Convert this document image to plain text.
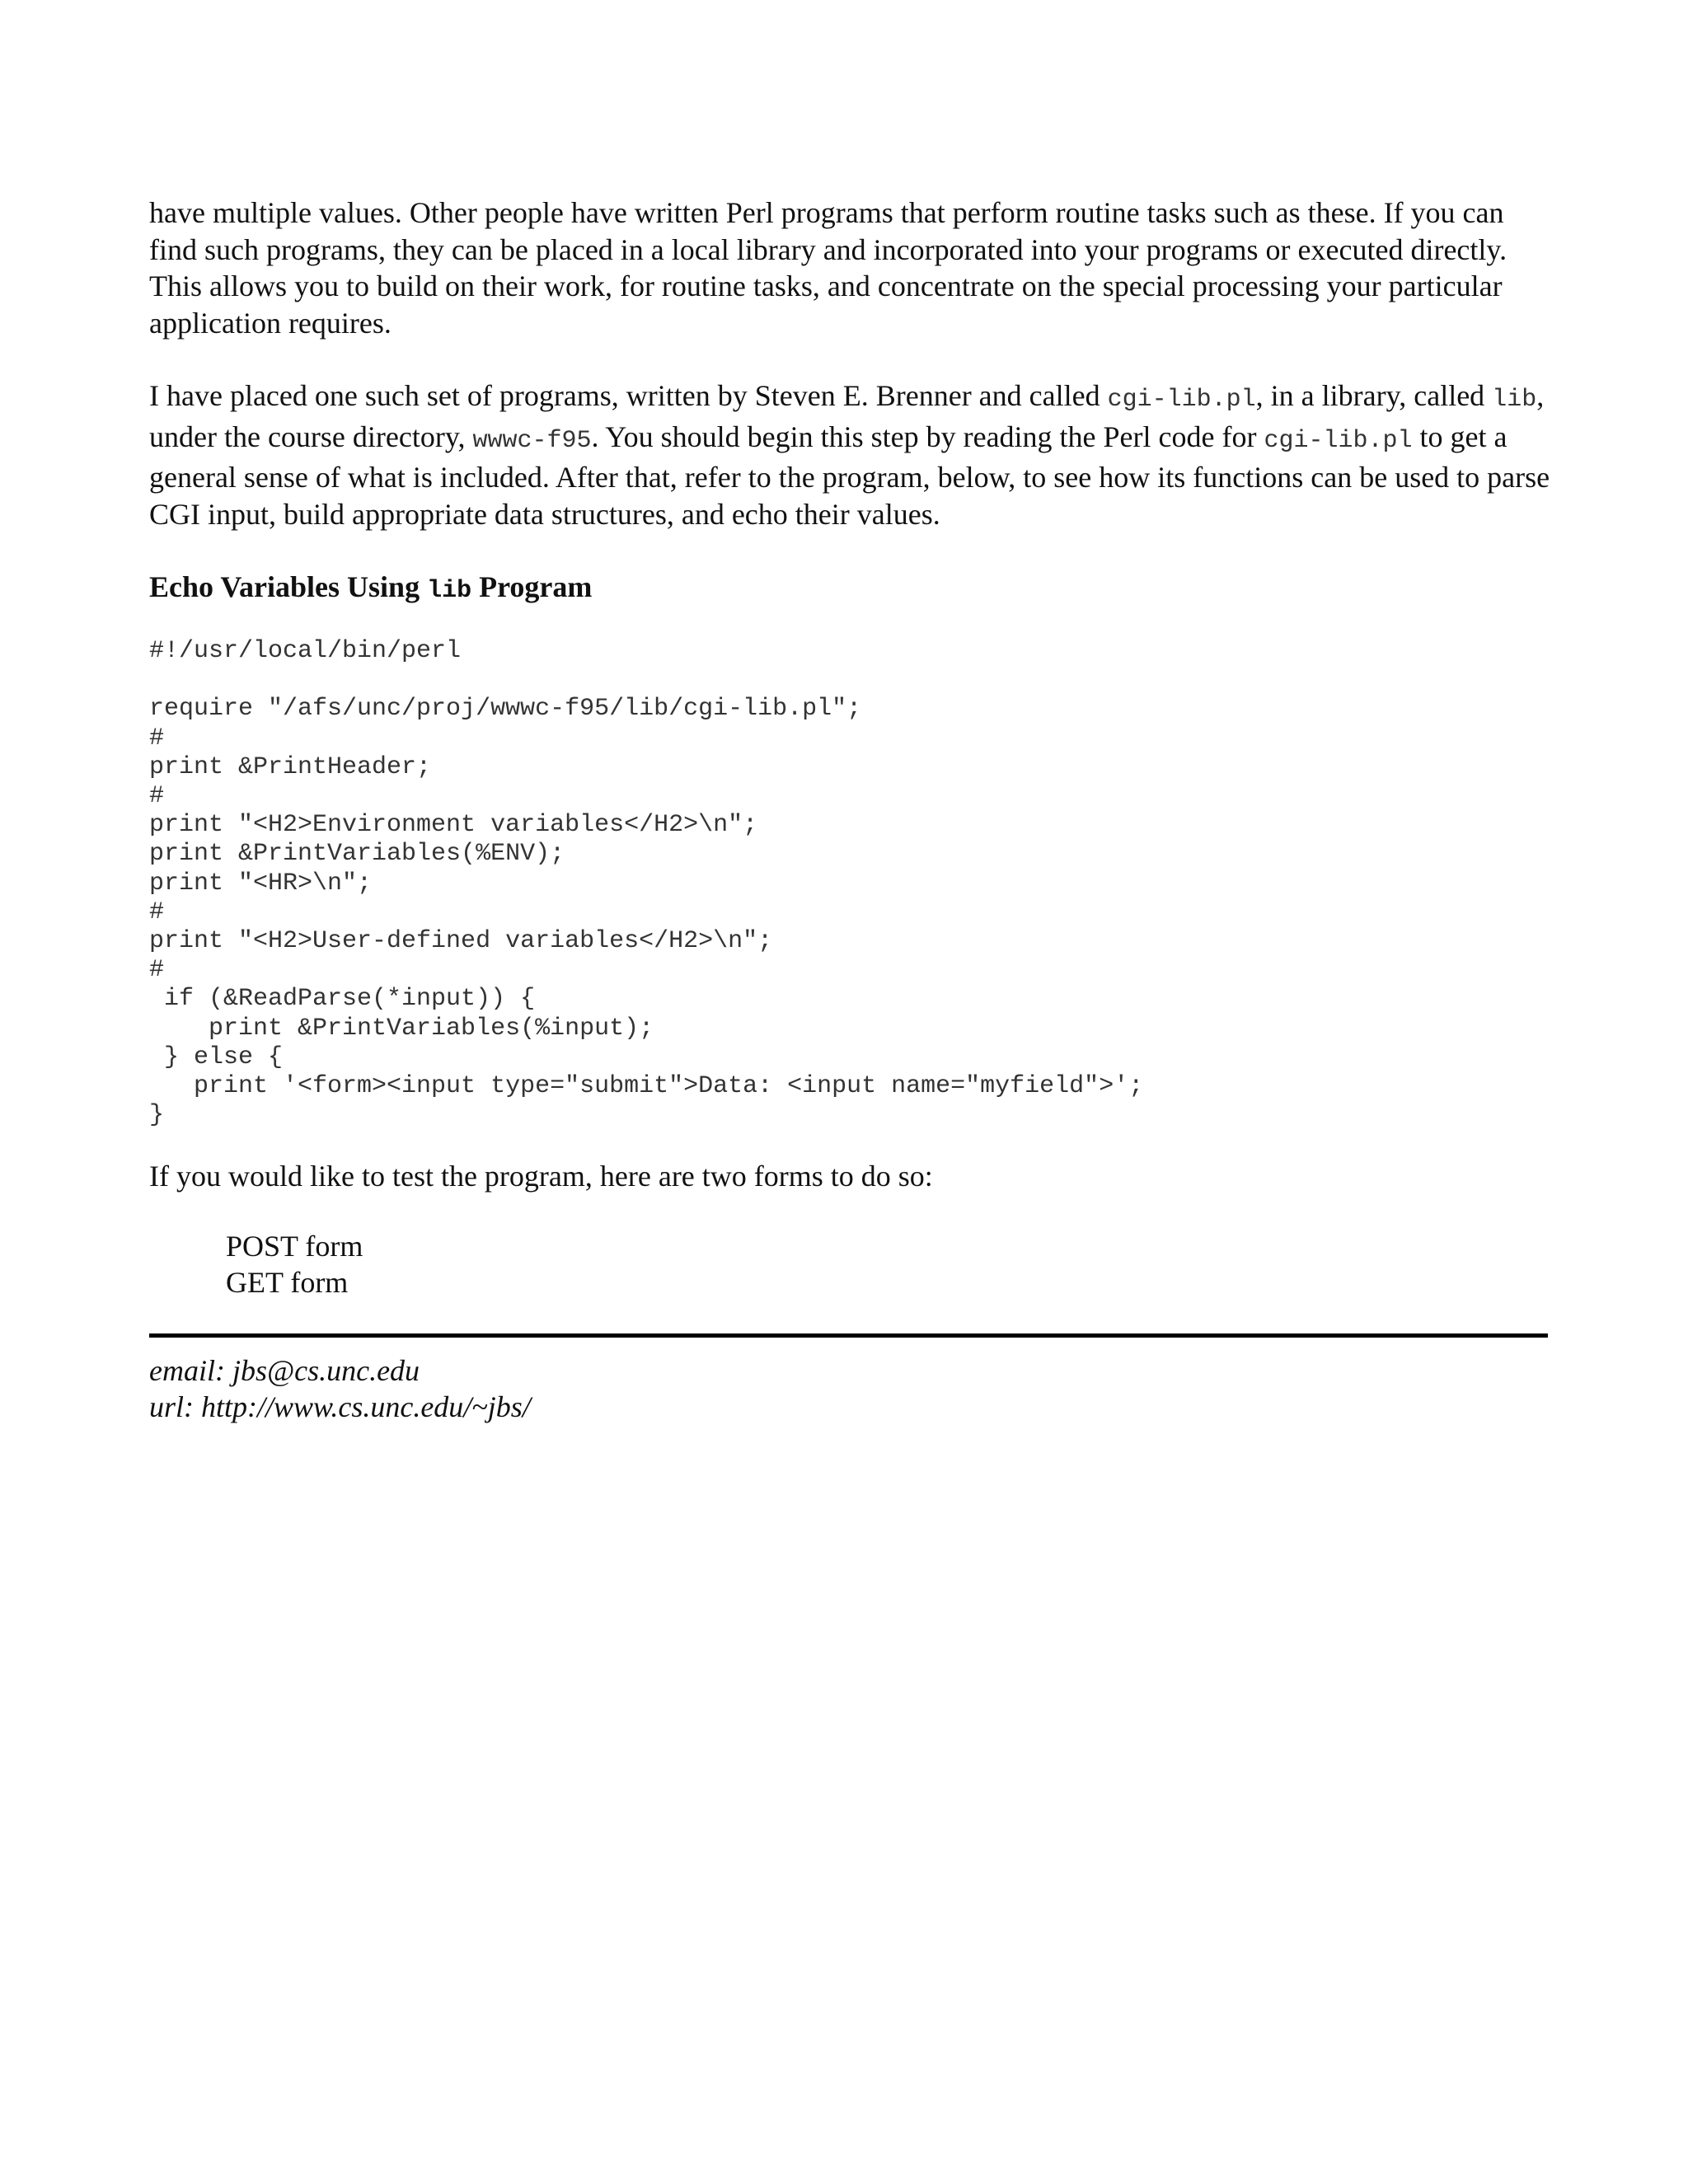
have multiple values. Other people have written Perl programs that perform routine tasks such as these. If you can find such programs, they can be placed in a local library and incorporated into your programs or executed directly. This allows you to build on their work, for routine tasks, and concentrate on the special processing your particular application requires.

I have placed one such set of programs, written by Steven E. Brenner and called cgi-lib.pl, in a library, called lib, under the course directory, wwwc-f95. You should begin this step by reading the Perl code for cgi-lib.pl to get a general sense of what is included. After that, refer to the program, below, to see how its functions can be used to parse CGI input, build appropriate data structures, and echo their values.

Echo Variables Using lib Program
#!/usr/local/bin/perl

require "/afs/unc/proj/wwwc-f95/lib/cgi-lib.pl";
#
print &PrintHeader;
#
print "<H2>Environment variables</H2>\n";
print &PrintVariables(%ENV);
print "<HR>\n";
#
print "<H2>User-defined variables</H2>\n";
#
if (&ReadParse(*input)) {
print &PrintVariables(%input);
} else {
print '<form><input type="submit">Data: <input name="myfield">';
}

If you would like to test the program, here are two forms to do so:

POST form
GET form
email: jbs@cs.unc.edu
url: http://www.cs.unc.edu/~jbs/
